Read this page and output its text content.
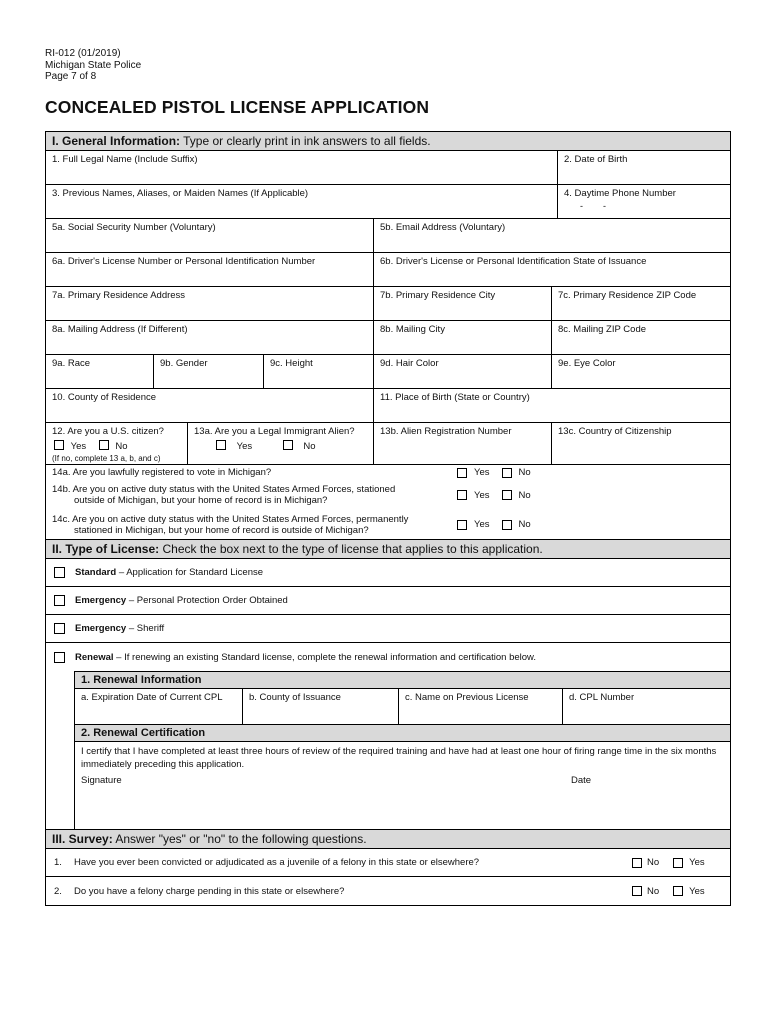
RI-012 (01/2019)
Michigan State Police
Page 7 of 8
CONCEALED PISTOL LICENSE APPLICATION
I. General Information: Type or clearly print in ink answers to all fields.
1. Full Legal Name (Include Suffix)	2. Date of Birth
3. Previous Names, Aliases, or Maiden Names (If Applicable)	4. Daytime Phone Number
-        -
5a. Social Security Number (Voluntary)	5b. Email Address (Voluntary)
6a. Driver's License Number or Personal Identification Number	6b. Driver's License or Personal Identification State of Issuance
7a. Primary Residence Address	7b. Primary Residence City	7c. Primary Residence ZIP Code
8a. Mailing Address (If Different)	8b. Mailing City	8c. Mailing ZIP Code
9a. Race	9b. Gender	9c. Height	9d. Hair Color	9e. Eye Color
10. County of Residence	11. Place of Birth (State or Country)
12. Are you a U.S. citizen?
Yes	No
(If no, complete 13 a, b, and c)
13a. Are you a Legal Immigrant Alien?
Yes	No
13b. Alien Registration Number	13c. Country of Citizenship
14a. Are you lawfully registered to vote in Michigan?	Yes	No
14b. Are you on active duty status with the United States Armed Forces, stationed
outside of Michigan, but your home of record is in Michigan?	Yes	No
14c. Are you on active duty status with the United States Armed Forces, permanently
stationed in Michigan, but your home of record is outside of Michigan?	Yes	No
II. Type of License: Check the box next to the type of license that applies to this application.
Standard – Application for Standard License
Emergency – Personal Protection Order Obtained
Emergency – Sheriff
Renewal – If renewing an existing Standard license, complete the renewal information and certification below.
1. Renewal Information
a. Expiration Date of Current CPL	b. County of Issuance	c. Name on Previous License	d. CPL Number
2. Renewal Certification
I certify that I have completed at least three hours of review of the required training and have had at least one hour of firing range time in the six months immediately preceding this application.
Signature	Date
III. Survey: Answer "yes" or "no" to the following questions.
1.	Have you ever been convicted or adjudicated as a juvenile of a felony in this state or elsewhere?	No	Yes
2.	Do you have a felony charge pending in this state or elsewhere?	No	Yes
